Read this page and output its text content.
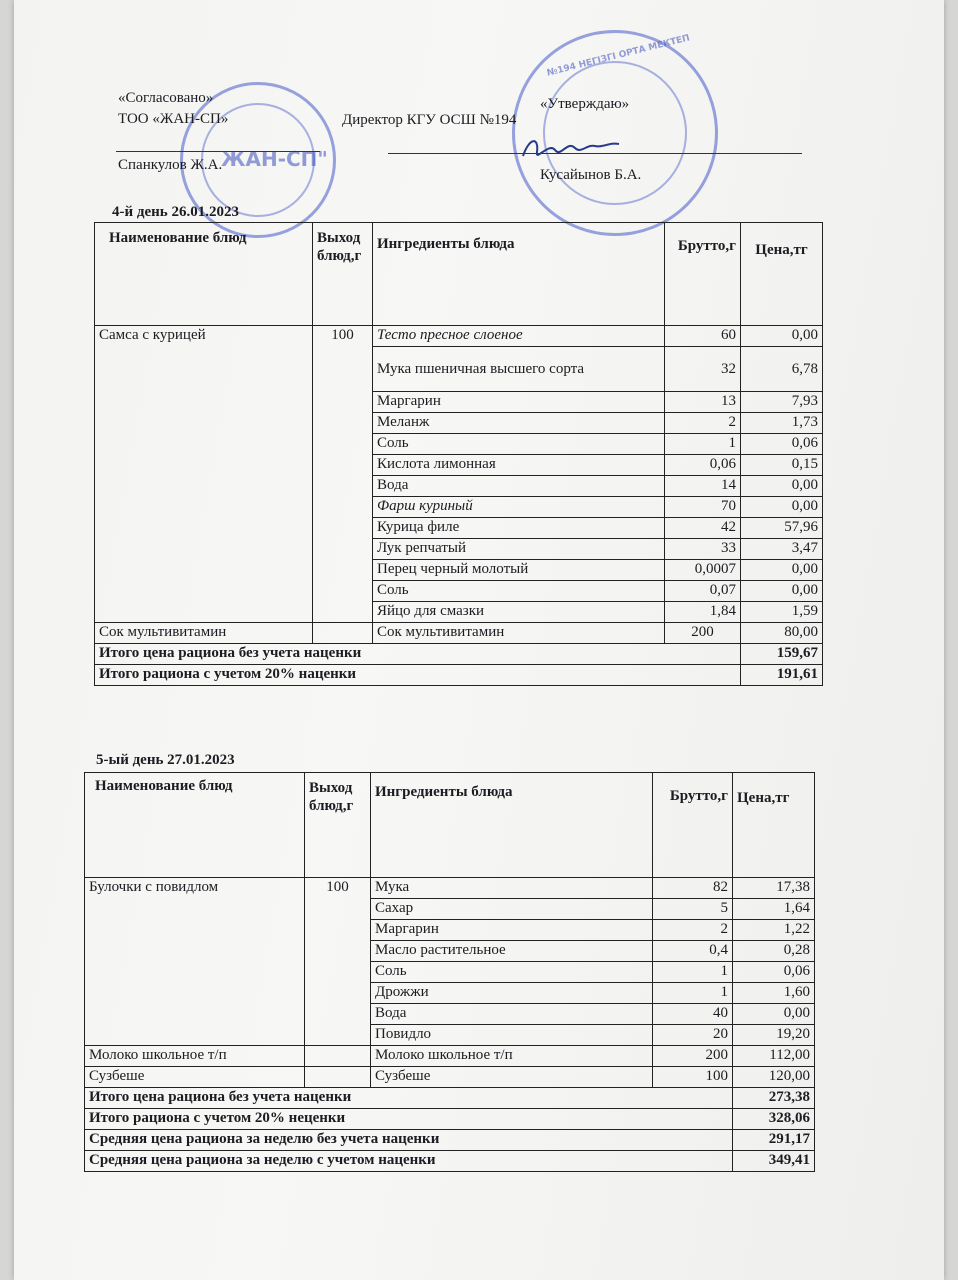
ЖАН-СП"
№194 НЕГІЗГІ ОРТА МЕКТЕП
«Согласовано»
ТОО «ЖАН-СП»
Спанкулов Ж.А.
Директор КГУ ОСШ №194
«Утверждаю»
Кусайынов Б.А.
4-й день 26.01.2023
Наименование блюд	Выход блюд,г	Ингредиенты блюда	Брутто,г	Цена,тг
Самса с курицей	100	Тесто пресное слоеное	60	0,00
		Мука пшеничная высшего сорта	32	6,78
		Маргарин	13	7,93
		Меланж	2	1,73
		Соль	1	0,06
		Кислота лимонная	0,06	0,15
		Вода	14	0,00
		Фарш куриный	70	0,00
		Курица филе	42	57,96
		Лук репчатый	33	3,47
		Перец черный молотый	0,0007	0,00
		Соль	0,07	0,00
		Яйцо для смазки	1,84	1,59
Сок мультивитамин		Сок мультивитамин	200	80,00
Итого цена рациона без учета наценки				159,67
Итого рациона с учетом 20% наценки				191,61
5-ый день 27.01.2023
Наименование блюд	Выход блюд,г	Ингредиенты блюда	Брутто,г	Цена,тг
Булочки с повидлом	100	Мука	82	17,38
		Сахар	5	1,64
		Маргарин	2	1,22
		Масло растительное	0,4	0,28
		Соль	1	0,06
		Дрожжи	1	1,60
		Вода	40	0,00
		Повидло	20	19,20
Молоко школьное т/п		Молоко школьное т/п	200	112,00
Сузбеше		Сузбеше	100	120,00
Итого цена рациона без учета наценки				273,38
Итого рациона с учетом 20% неценки				328,06
Средняя цена рациона за неделю без учета наценки				291,17
Средняя цена рациона за неделю с учетом наценки				349,41
